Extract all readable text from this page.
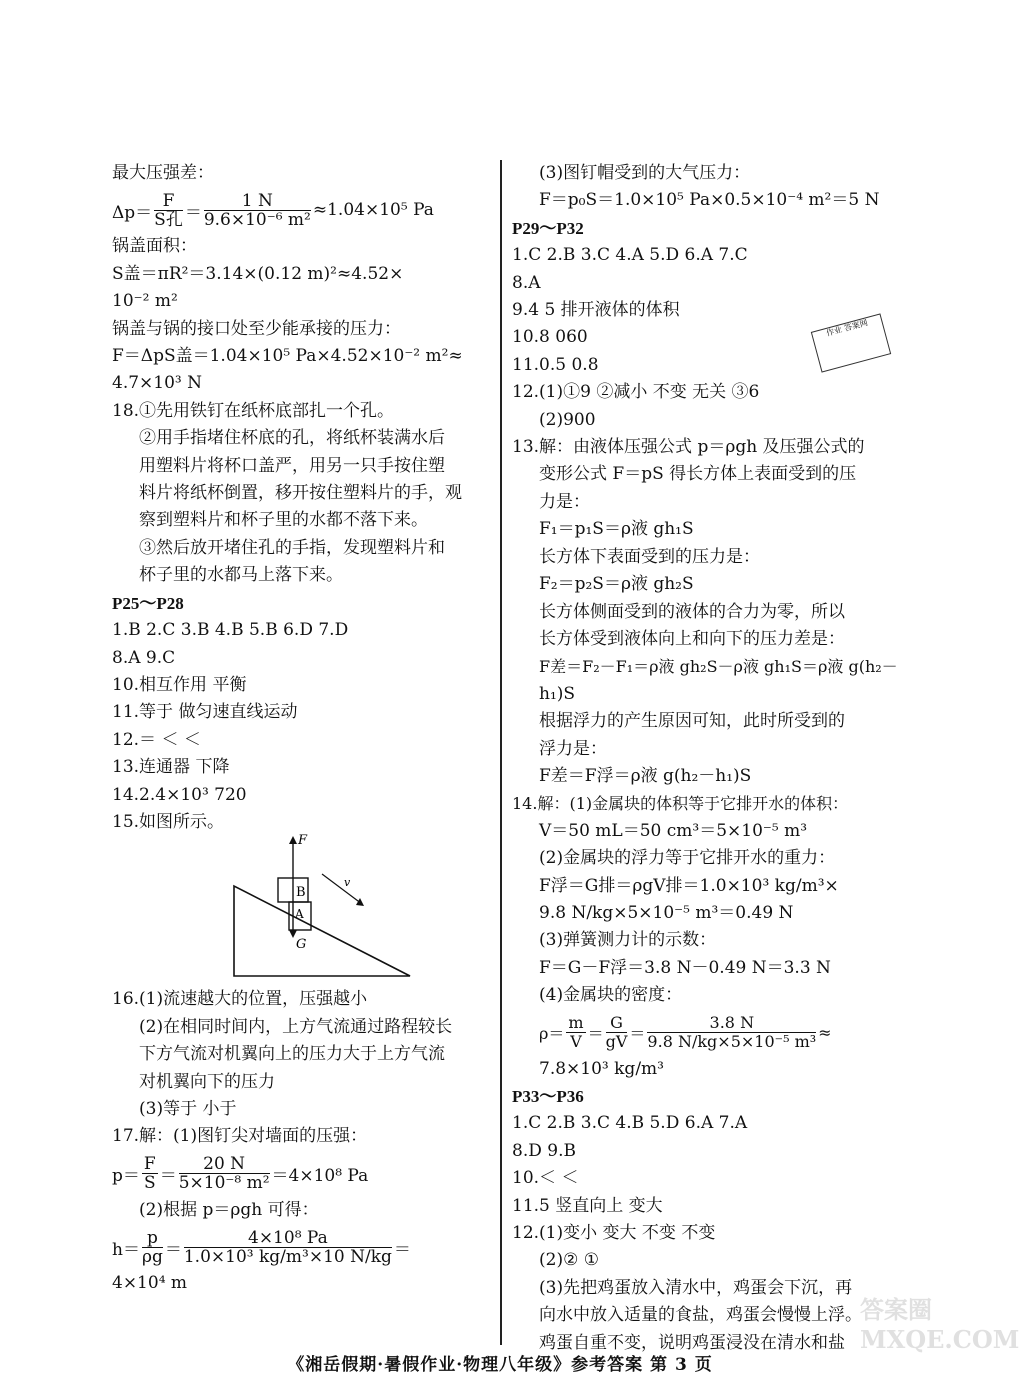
最大压强差：
$\Delta p= \frac{F}{\text{S孔}} = \frac{1 N}{\text{9.6×10⁻⁶ m²}} \approx 1.04\times 10^5$ Pa
锅盖面积：
S盖＝πR²＝3.14×(0.12 m)²≈4.52×
10⁻² m²
锅盖与锅的接口处至少能承接的压力：
F＝ΔpS盖＝1.04×10⁵ Pa×4.52×10⁻² m²≈
4.7×10³ N
18.①先用铁钉在纸杯底部扎一个孔。
②用手指堵住杯底的孔，将纸杯装满水后
用塑料片将杯口盖严，用另一只手按住塑
料片将纸杯倒置，移开按住塑料片的手，观
察到塑料片和杯子里的水都不落下来。
③然后放开堵住孔的手指，发现塑料片和
杯子里的水都马上落下来。
P25～P28
1.B 2.C 3.B 4.B 5.B 6.D 7.D
8.A 9.C
10.相互作用 平衡
11.等于 做匀速直线运动
12.＝ ＜ ＜
13.连通器 下降
14.2.4×10³ 720
15.如图所示。
F
B
A
G
v
16.(1)流速越大的位置，压强越小
(2)在相同时间内，上方气流通过路程较长
下方气流对机翼向上的压力大于上方气流
对机翼向下的压力
(3)等于 小于
17.解：(1)图钉尖对墙面的压强：
$p= \frac{F}{S} = \frac{20 N}{\text{5×10⁻⁸ m²}} =4\times 10^8$ Pa
(2)根据 p＝ρgh 可得：
$h= \frac{p}{\rho g} = \frac{\text{4×10⁸ Pa}}{\text{1.0×10³ kg/m³×10 N/kg}}$ ＝
4×10⁴ m
(3)图钉帽受到的大气压力：
F＝p₀S＝1.0×10⁵ Pa×0.5×10⁻⁴ m²＝5 N
P29～P32
1.C 2.B 3.C 4.A 5.D 6.A 7.C
8.A
9.4 5 排开液体的体积
10.8 060
11.0.5 0.8
12.(1)①9 ②减小 不变 无关 ③6
(2)900
13.解：由液体压强公式 p＝ρgh 及压强公式的
变形公式 F＝pS 得长方体上表面受到的压
力是：
F₁＝p₁S＝ρ液 gh₁S
长方体下表面受到的压力是：
F₂＝p₂S＝ρ液 gh₂S
长方体侧面受到的液体的合力为零，所以
长方体受到液体向上和向下的压力差是：
F差＝F₂－F₁＝ρ液 gh₂S－ρ液 gh₁S＝ρ液 g(h₂－
h₁)S
根据浮力的产生原因可知，此时所受到的
浮力是：
F差＝F浮＝ρ液 g(h₂－h₁)S
14.解：(1)金属块的体积等于它排开水的体积：
V＝50 mL＝50 cm³＝5×10⁻⁵ m³
(2)金属块的浮力等于它排开水的重力：
F浮＝G排＝ρgV排＝1.0×10³ kg/m³×
9.8 N/kg×5×10⁻⁵ m³＝0.49 N
(3)弹簧测力计的示数：
F＝G－F浮＝3.8 N－0.49 N＝3.3 N
(4)金属块的密度：
$\rho= \frac{m}{V} = \frac{G}{gV} = \frac{3.8 N}{\text{9.8 N/kg×5×10⁻⁵ m³}}$ ≈
7.8×10³ kg/m³
P33～P36
1.C 2.B 3.C 4.B 5.D 6.A 7.A
8.D 9.B
10.＜ ＜
11.5 竖直向上 变大
12.(1)变小 变大 不变 不变
(2)② ①
(3)先把鸡蛋放入清水中，鸡蛋会下沉，再
向水中放入适量的食盐，鸡蛋会慢慢上浮。
鸡蛋自重不变，说明鸡蛋浸没在清水和盐
作业 答案网
答案圈 MXQE.COM
《湘岳假期·暑假作业·物理八年级》参考答案 第 3 页
